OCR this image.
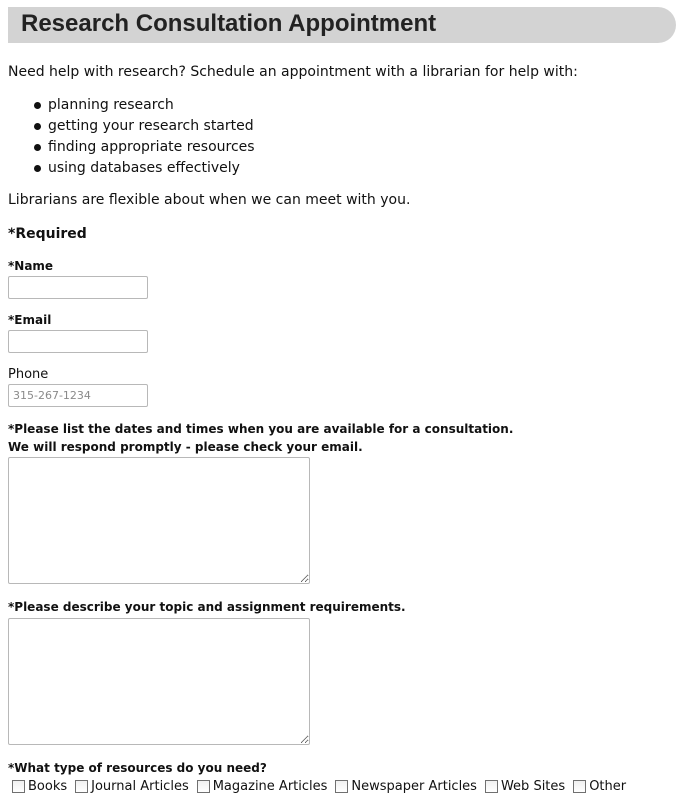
Research Consultation Appointment
Need help with research? Schedule an appointment with a librarian for help with:
planning research
getting your research started
finding appropriate resources
using databases effectively
Librarians are flexible about when we can meet with you.
*Required
*Name
*Email
Phone
315-267-1234
*Please list the dates and times when you are available for a consultation.
We will respond promptly - please check your email.
*Please describe your topic and assignment requirements.
*What type of resources do you need?
Books Journal Articles Magazine Articles Newspaper Articles Web Sites Other
